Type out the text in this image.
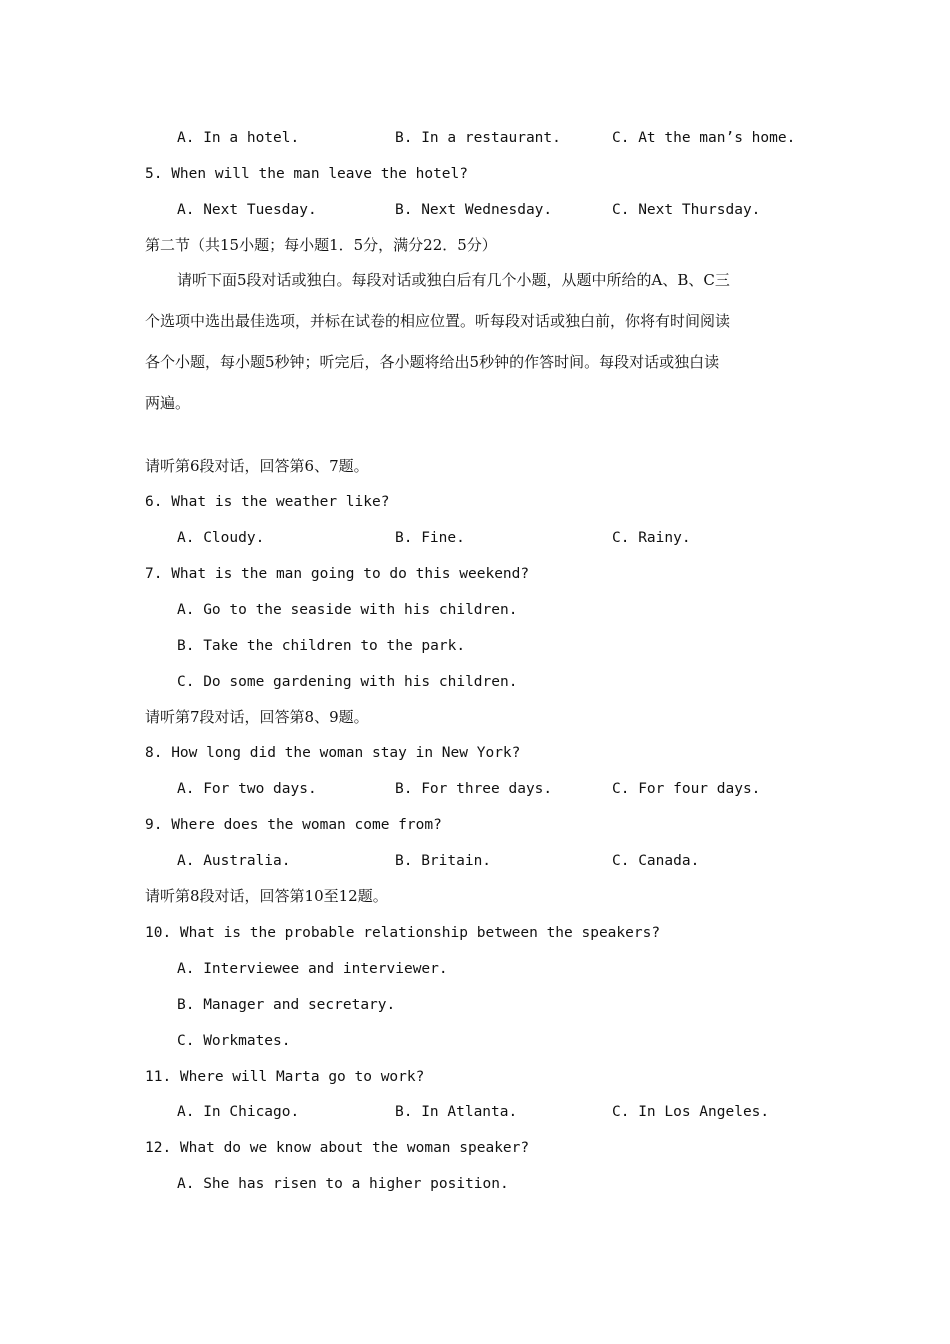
A. In a hotel.	B. In a restaurant.	C. At the man’s home.
5. When will the man leave the hotel?
A. Next Tuesday.	B. Next Wednesday.	C. Next Thursday.
第二节（共15小题；每小题1．5分，满分22．5分）
请听下面5段对话或独白。每段对话或独白后有几个小题，从题中所给的A、B、C三
个选项中选出最佳选项，并标在试卷的相应位置。听每段对话或独白前，你将有时间阅读
各个小题，每小题5秒钟；听完后，各小题将给出5秒钟的作答时间。每段对话或独白读
两遍。
请听第6段对话，回答第6、7题。
6. What is the weather like?
A. Cloudy.	B. Fine.	C. Rainy.
7. What is the man going to do this weekend?
A. Go to the seaside with his children.
B. Take the children to the park.
C. Do some gardening with his children.
请听第7段对话，回答第8、9题。
8. How long did the woman stay in New York?
A. For two days.	B. For three days.	C. For four days.
9. Where does the woman come from?
A. Australia.	B. Britain.	C. Canada.
请听第8段对话，回答第10至12题。
10. What is the probable relationship between the speakers?
A. Interviewee and interviewer.
B. Manager and secretary.
C. Workmates.
11. Where will Marta go to work?
A. In Chicago.	B. In Atlanta.	C. In Los Angeles.
12. What do we know about the woman speaker?
A. She has risen to a higher position.
